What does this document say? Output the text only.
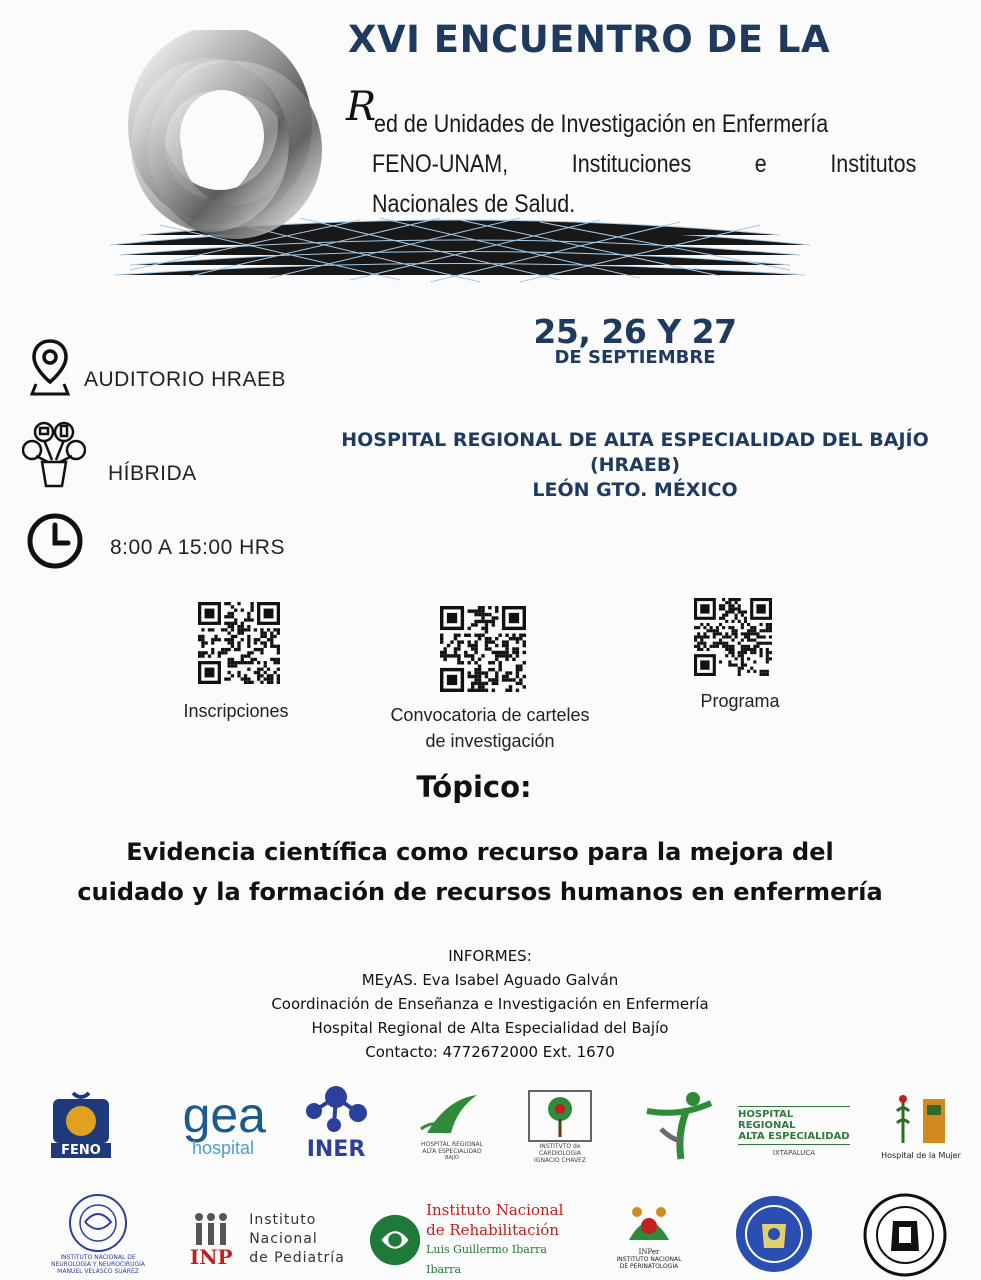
XVI ENCUENTRO DE LA
R
ed de Unidades de Investigación en Enfermería
FENO-UNAM,	Instituciones	e	Institutos
Nacionales de Salud.
25, 26 Y 27
DE SEPTIEMBRE
AUDITORIO HRAEB
HÍBRIDA
8:00 A 15:00 HRS
HOSPITAL REGIONAL DE ALTA ESPECIALIDAD DEL BAJÍO
(HRAEB)
LEÓN GTO. MÉXICO
Inscripciones	Convocatoria de carteles
de investigación
Programa
Tópico:
Evidencia científica como recurso para la mejora del
cuidado y la formación de recursos humanos en enfermería
INFORMES:
MEyAS. Eva Isabel Aguado Galván
Coordinación de Enseñanza e Investigación en Enfermería
Hospital Regional de Alta Especialidad del Bajío
Contacto: 4772672000 Ext. 1670
FENO
gea
hospital INER	HOSPITAL REGIONAL
ALTA ESPECIALIDAD
BAJÍO
INSTITVTO de CARDIOLOGIA
IGNACIO CHAVEZ
HOSPITAL REGIONAL
ALTA ESPECIALIDAD
IXTAPALUCA	Hospital de la Mujer
INSTITUTO NACIONAL DE
NEUROLOGÍA Y NEUROCIRUGÍA
MANUEL VELASCO SUÁREZ
INP
Instituto
Nacional
de Pediatría
Instituto Nacional
de Rehabilitación
Luis Guillermo Ibarra Ibarra
INPer
INSTITUTO NACIONAL
DE PERINATOLOGÍA
